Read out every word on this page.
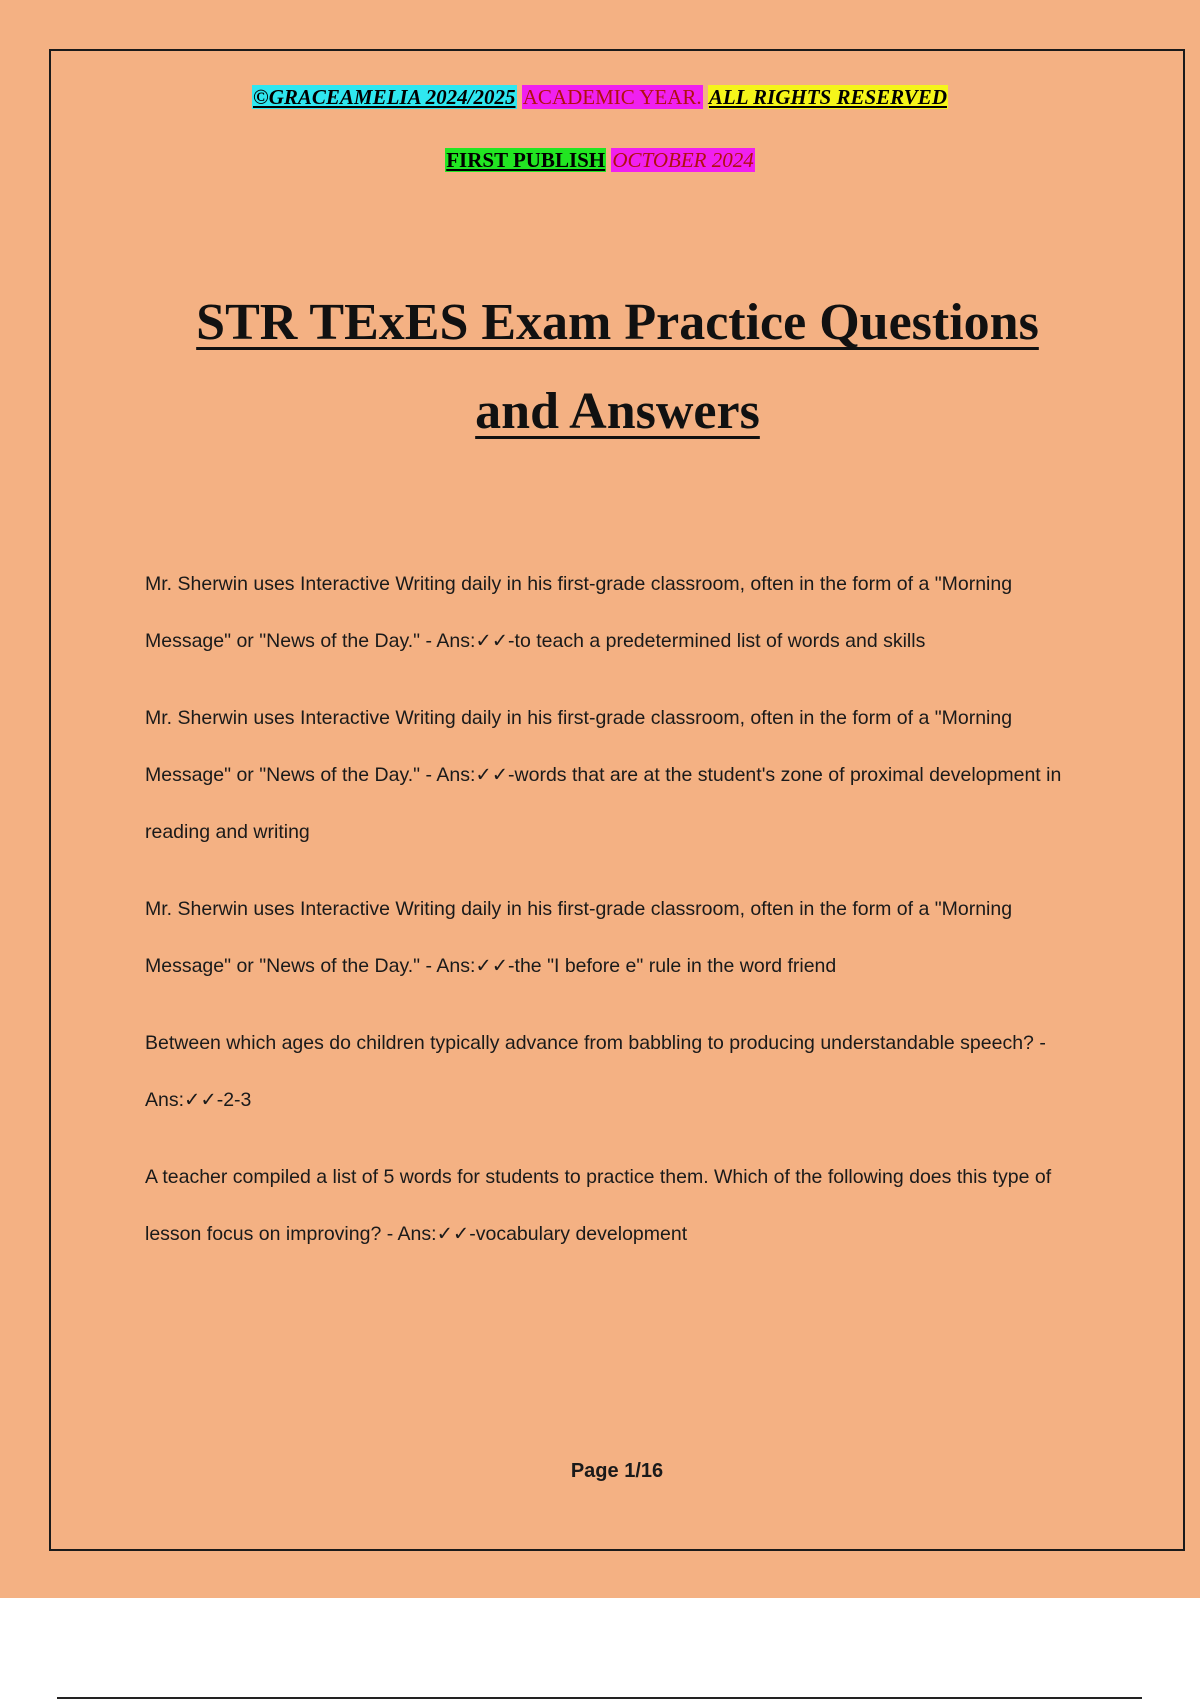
©GRACEAMELIA 2024/2025 ACADEMIC YEAR. ALL RIGHTS RESERVED
FIRST PUBLISH OCTOBER 2024
STR TExES Exam Practice Questions
and Answers

Mr. Sherwin uses Interactive Writing daily in his first-grade classroom, often in the form of a "Morning Message" or "News of the Day." - Ans:✓✓-to teach a predetermined list of words and skills

Mr. Sherwin uses Interactive Writing daily in his first-grade classroom, often in the form of a "Morning Message" or "News of the Day." - Ans:✓✓-words that are at the student's zone of proximal development in reading and writing

Mr. Sherwin uses Interactive Writing daily in his first-grade classroom, often in the form of a "Morning Message" or "News of the Day." - Ans:✓✓-the "I before e" rule in the word friend

Between which ages do children typically advance from babbling to producing understandable speech? - Ans:✓✓-2-3

A teacher compiled a list of 5 words for students to practice them. Which of the following does this type of lesson focus on improving? - Ans:✓✓-vocabulary development

Page 1/16
